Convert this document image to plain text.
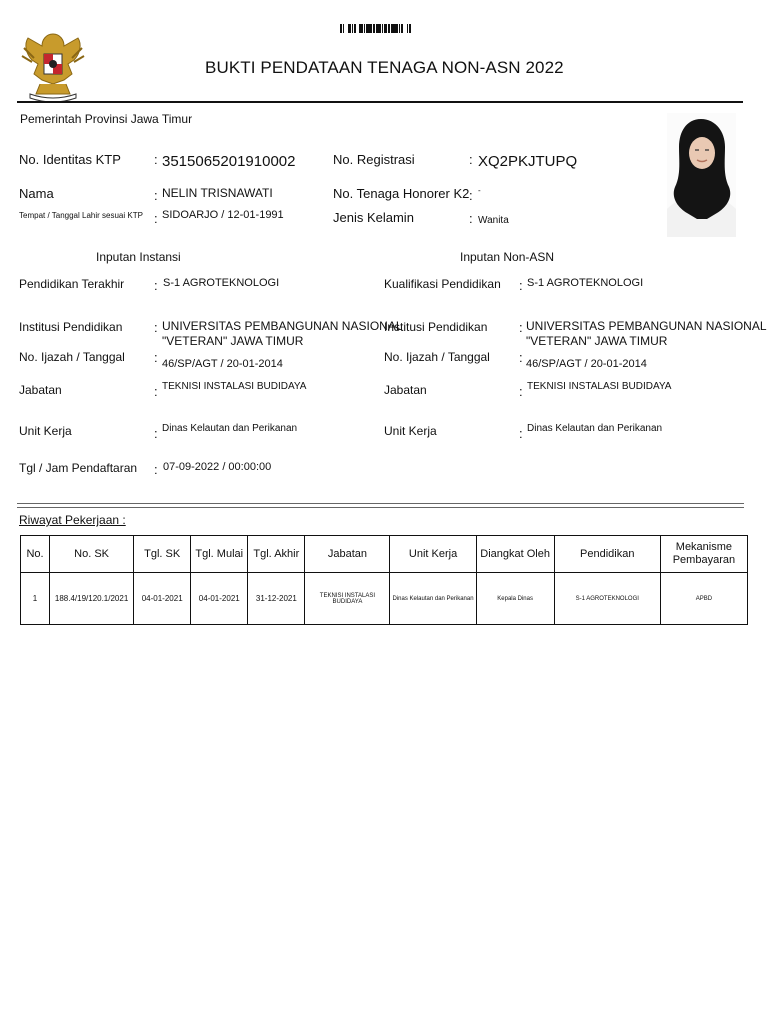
BUKTI PENDATAAN TENAGA NON-ASN 2022
Pemerintah Provinsi Jawa Timur
No. Identitas KTP	: 3515065201910002
Nama	: NELIN TRISNAWATI
Tempat / Tanggal Lahir sesuai KTP : SIDOARJO / 12-01-1991
No. Registrasi	: XQ2PKJTUPQ
No. Tenaga Honorer K2 : -
Jenis Kelamin	: Wanita
Inputan Instansi	Inputan Non-ASN
Pendidikan Terakhir : S-1 AGROTEKNOLOGI
Institusi Pendidikan : UNIVERSITAS PEMBANGUNAN NASIONAL
"VETERAN" JAWA TIMUR
No. Ijazah / Tanggal : 46/SP/AGT / 20-01-2014
Jabatan	: TEKNISI INSTALASI BUDIDAYA
Unit Kerja	: Dinas Kelautan dan Perikanan
Tgl / Jam Pendaftaran : 07-09-2022 / 00:00:00
Kualifikasi Pendidikan : S-1 AGROTEKNOLOGI
Institusi Pendidikan : UNIVERSITAS PEMBANGUNAN NASIONAL
"VETERAN" JAWA TIMUR
No. Ijazah / Tanggal : 46/SP/AGT / 20-01-2014
Jabatan	: TEKNISI INSTALASI BUDIDAYA
Unit Kerja	: Dinas Kelautan dan Perikanan
Riwayat Pekerjaan :
No.	No. SK	Tgl. SK	Tgl. Mulai	Tgl. Akhir	Jabatan	Unit Kerja	Diangkat Oleh	Pendidikan	Mekanisme Pembayaran
1	188.4/19/120.1/2021	04-01-2021	04-01-2021	31-12-2021	TEKNISI INSTALASI BUDIDAYA	Dinas Kelautan dan Perikanan	Kepala Dinas	S-1 AGROTEKNOLOGI	APBD
